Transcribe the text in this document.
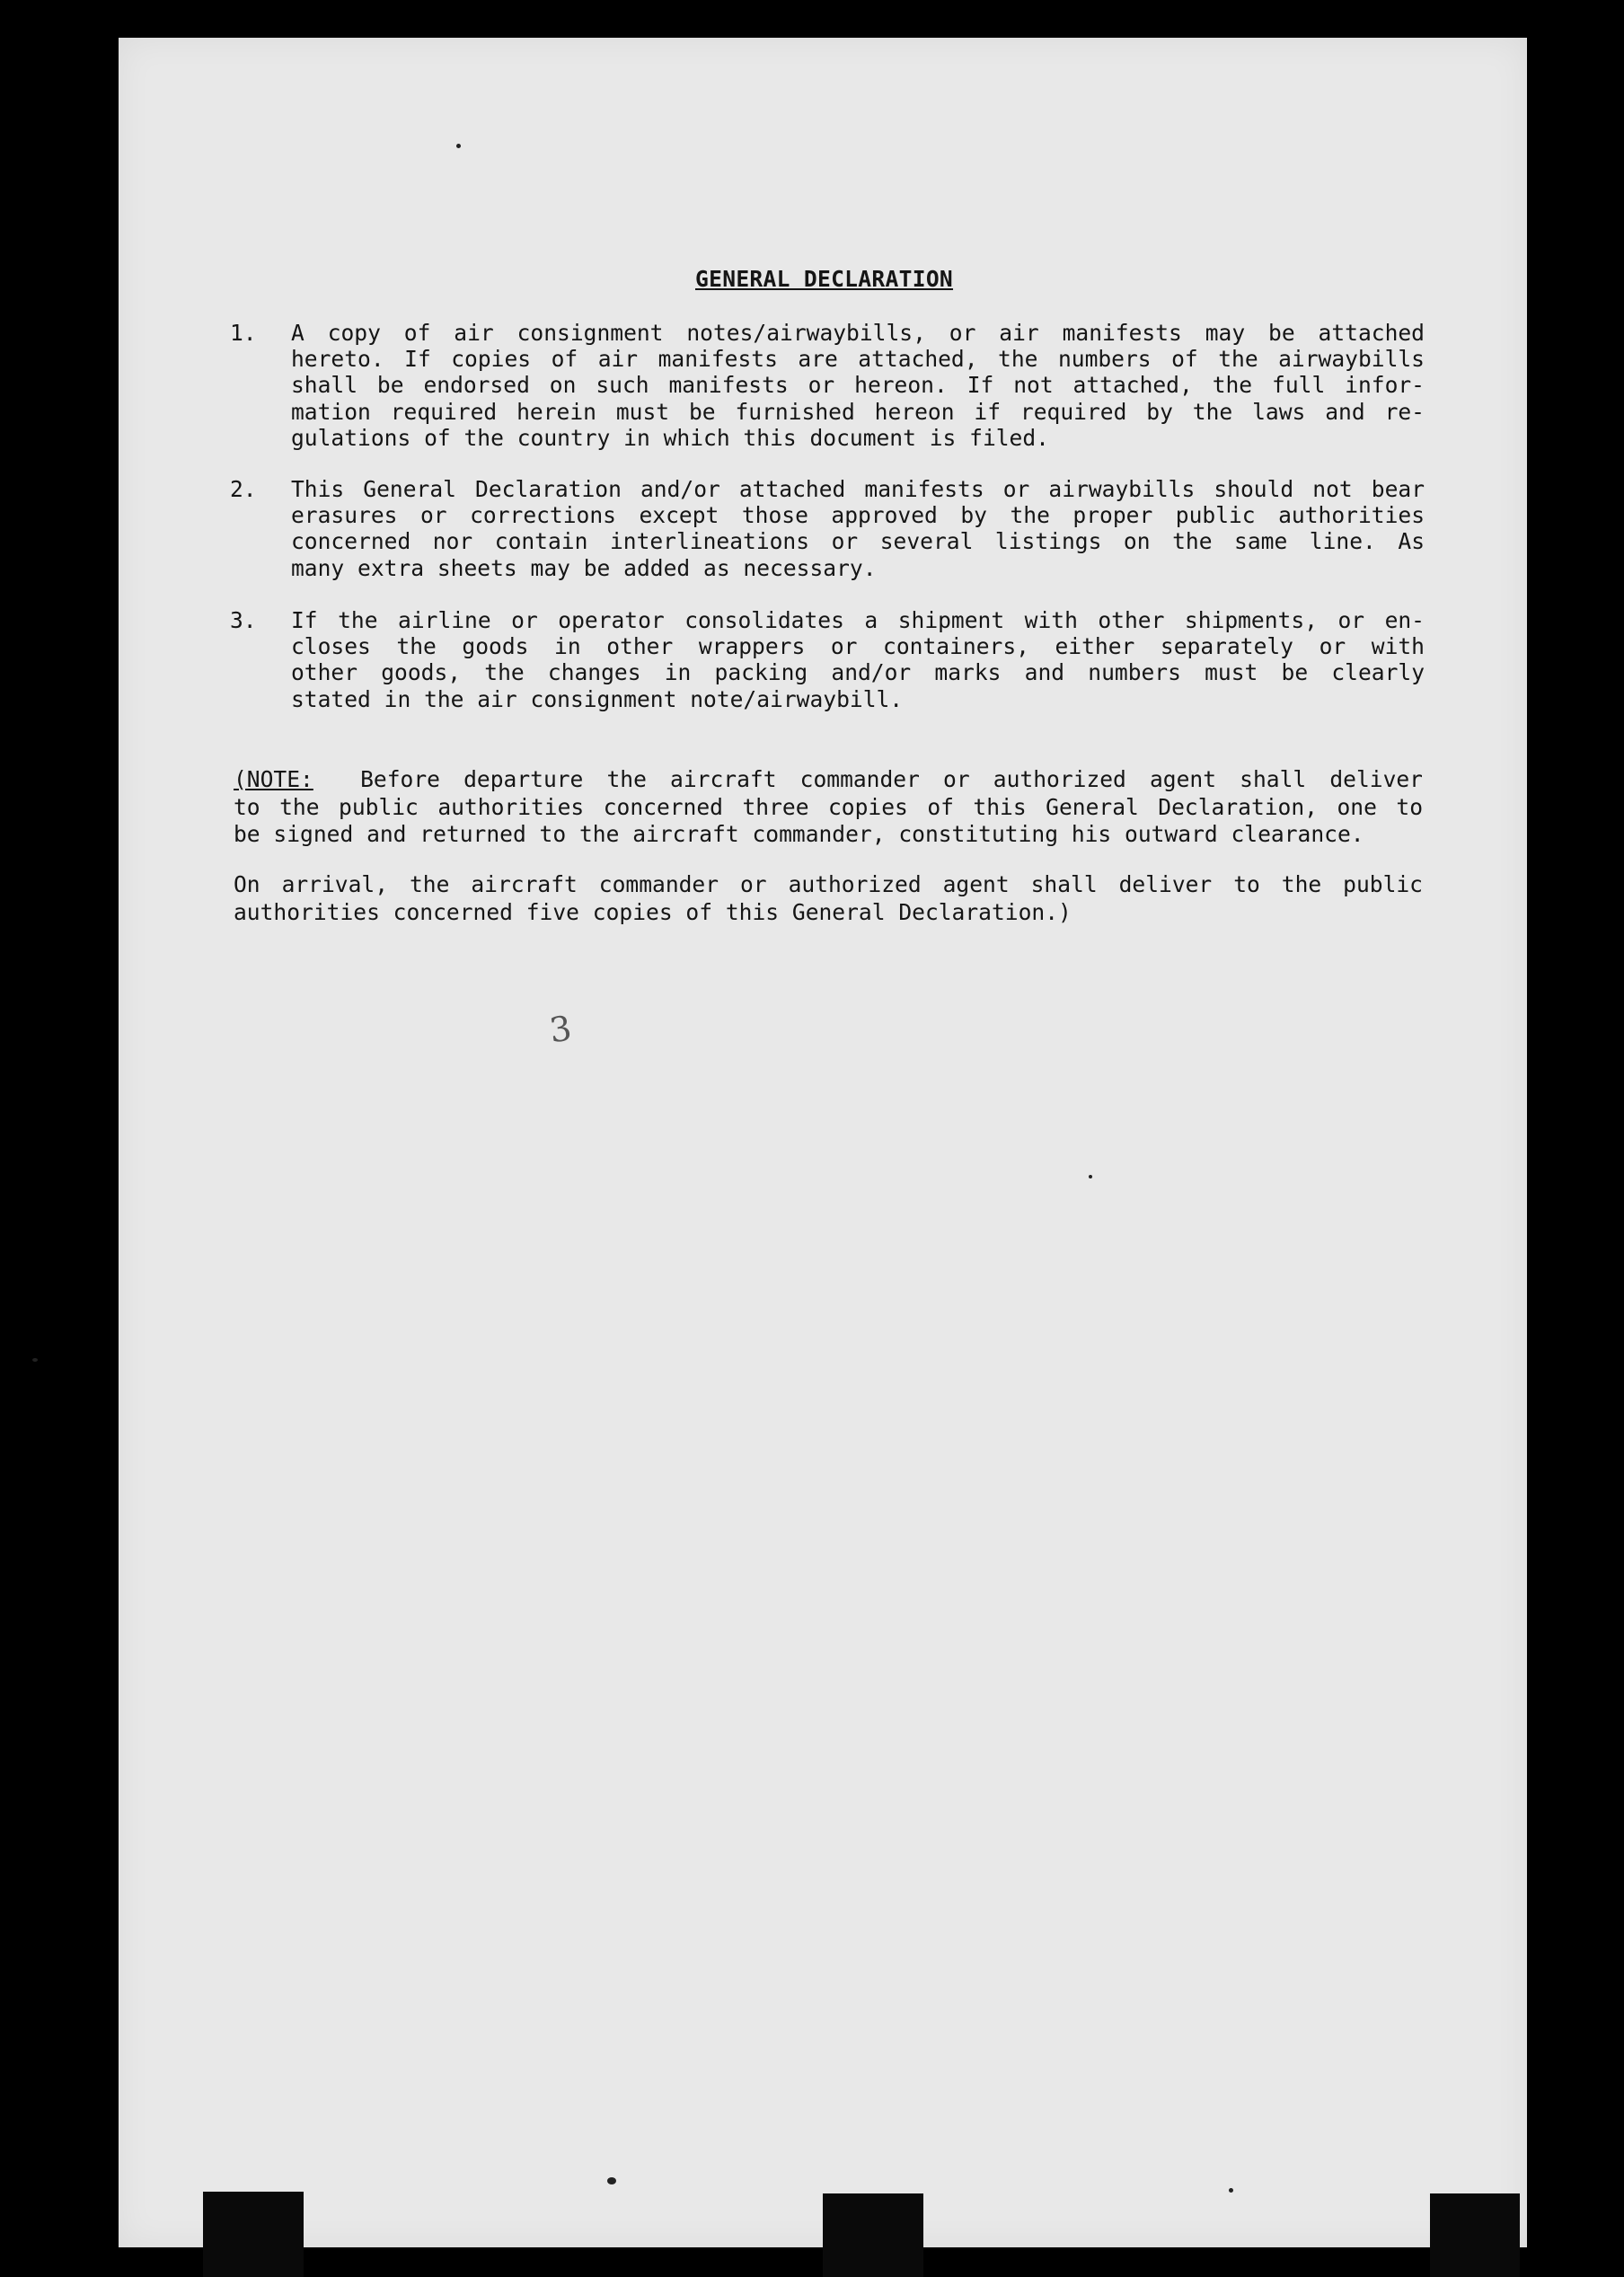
GENERAL DECLARATION
1.	A copy of air consignment notes/airwaybills, or air manifests may be attached
hereto. If copies of air manifests are attached, the numbers of the airwaybills
shall be endorsed on such manifests or hereon. If not attached, the full infor-
mation required herein must be furnished hereon if required by the laws and re-
gulations of the country in which this document is filed.
2.	This General Declaration and/or attached manifests or airwaybills should not bear
erasures or corrections except those approved by the proper public authorities
concerned nor contain interlineations or several listings on the same line. As
many extra sheets may be added as necessary.
3.	If the airline or operator consolidates a shipment with other shipments, or en-
closes the goods in other wrappers or containers, either separately or with
other goods, the changes in packing and/or marks and numbers must be clearly
stated in the air consignment note/airwaybill.
(NOTE: Before departure the aircraft commander or authorized agent shall deliver
to the public authorities concerned three copies of this General Declaration, one to
be signed and returned to the aircraft commander, constituting his outward clearance.
On arrival, the aircraft commander or authorized agent shall deliver to the public
authorities concerned five copies of this General Declaration.)
3
